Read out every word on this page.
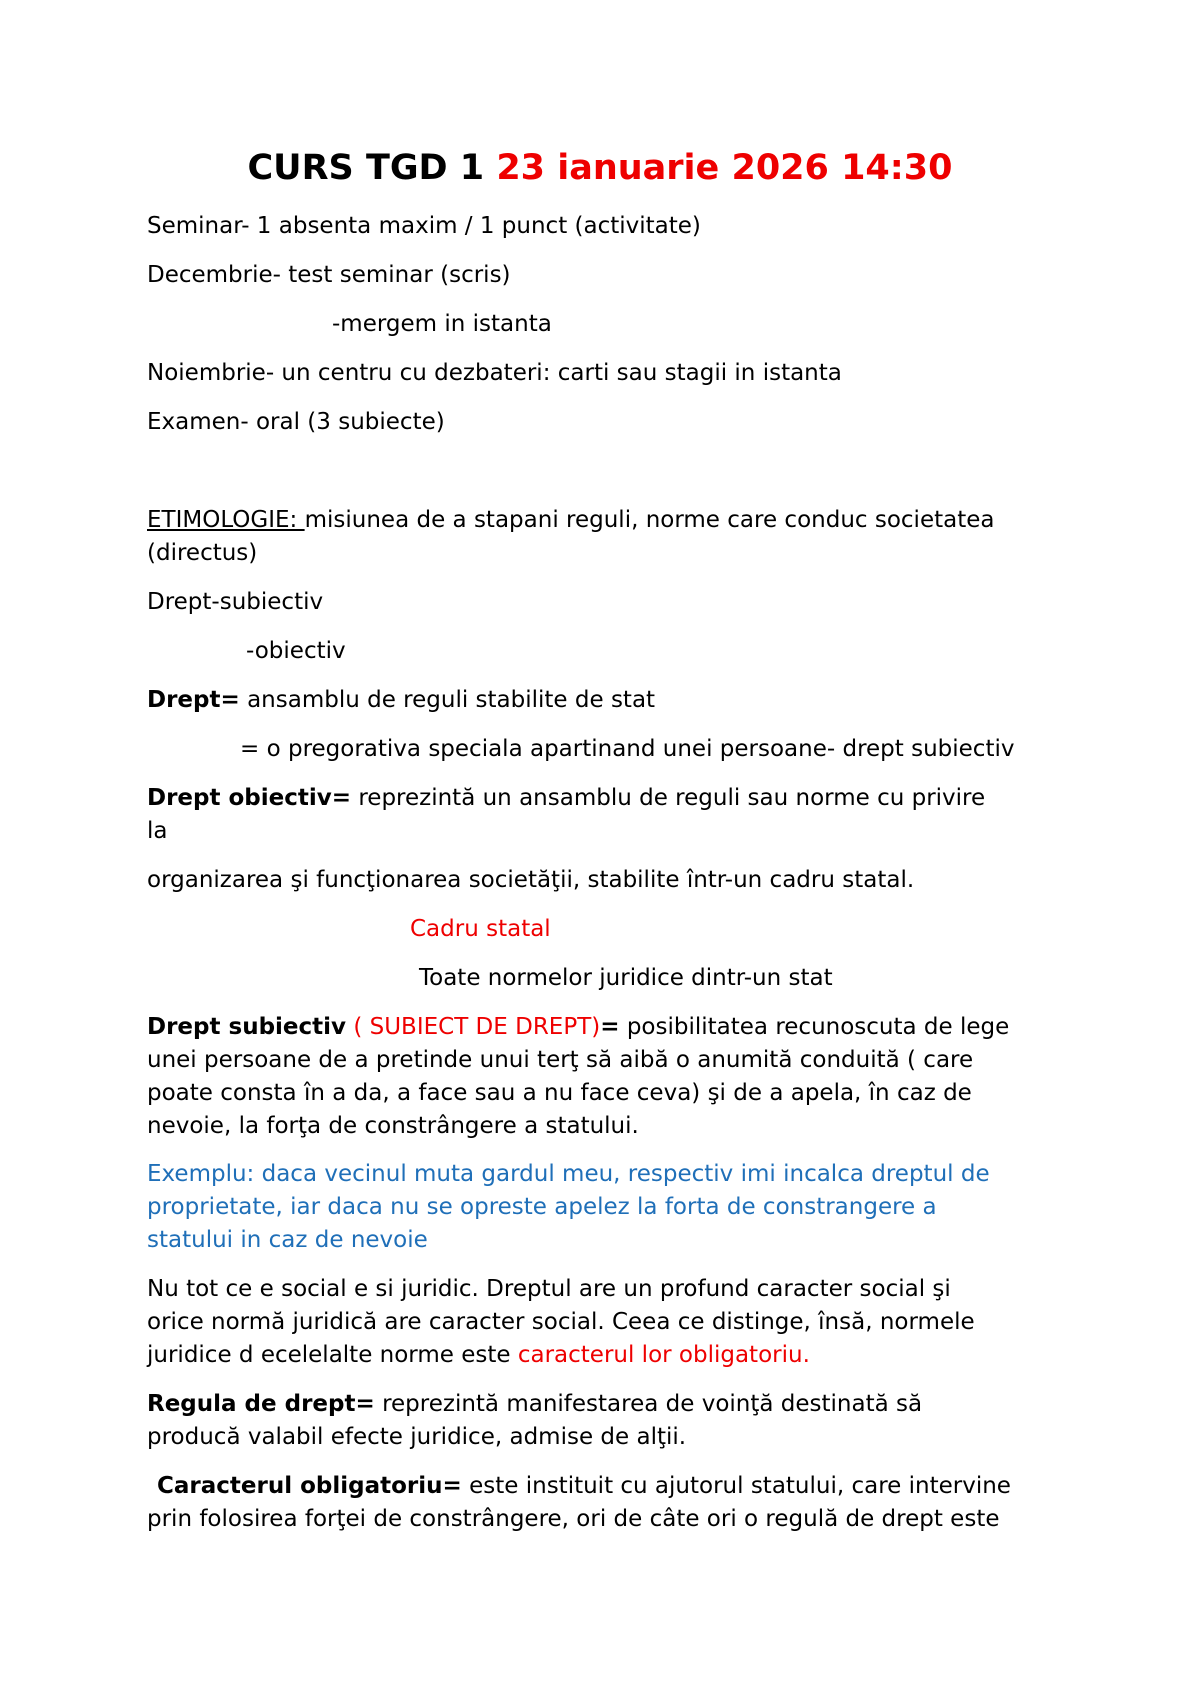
CURS TGD 1 23 ianuarie 2026 14:30
Seminar- 1 absenta maxim / 1 punct (activitate)
Decembrie- test seminar (scris)
-mergem in istanta
Noiembrie- un centru cu dezbateri: carti sau stagii in istanta
Examen- oral (3 subiecte)
ETIMOLOGIE: misiunea de a stapani reguli, norme care conduc societatea
(directus)
Drept-subiectiv
-obiectiv
Drept= ansamblu de reguli stabilite de stat
= o pregorativa speciala apartinand unei persoane- drept subiectiv
Drept obiectiv= reprezintă un ansamblu de reguli sau norme cu privire
la
organizarea şi funcţionarea societăţii, stabilite într-un cadru statal.
Cadru statal
Toate normelor juridice dintr-un stat
Drept subiectiv ( SUBIECT DE DREPT)= posibilitatea recunoscuta de lege
unei persoane de a pretinde unui terţ să aibă o anumită conduită ( care
poate consta în a da, a face sau a nu face ceva) şi de a apela, în caz de
nevoie, la forţa de constrângere a statului.
Exemplu: daca vecinul muta gardul meu, respectiv imi incalca dreptul de
proprietate, iar daca nu se opreste apelez la forta de constrangere a
statului in caz de nevoie
Nu tot ce e social e si juridic. Dreptul are un profund caracter social şi
orice normă juridică are caracter social. Ceea ce distinge, însă, normele
juridice d ecelelalte norme este caracterul lor obligatoriu.
Regula de drept= reprezintă manifestarea de voinţă destinată să
producă valabil efecte juridice, admise de alţii.
Caracterul obligatoriu= este instituit cu ajutorul statului, care intervine
prin folosirea forţei de constrângere, ori de câte ori o regulă de drept este
